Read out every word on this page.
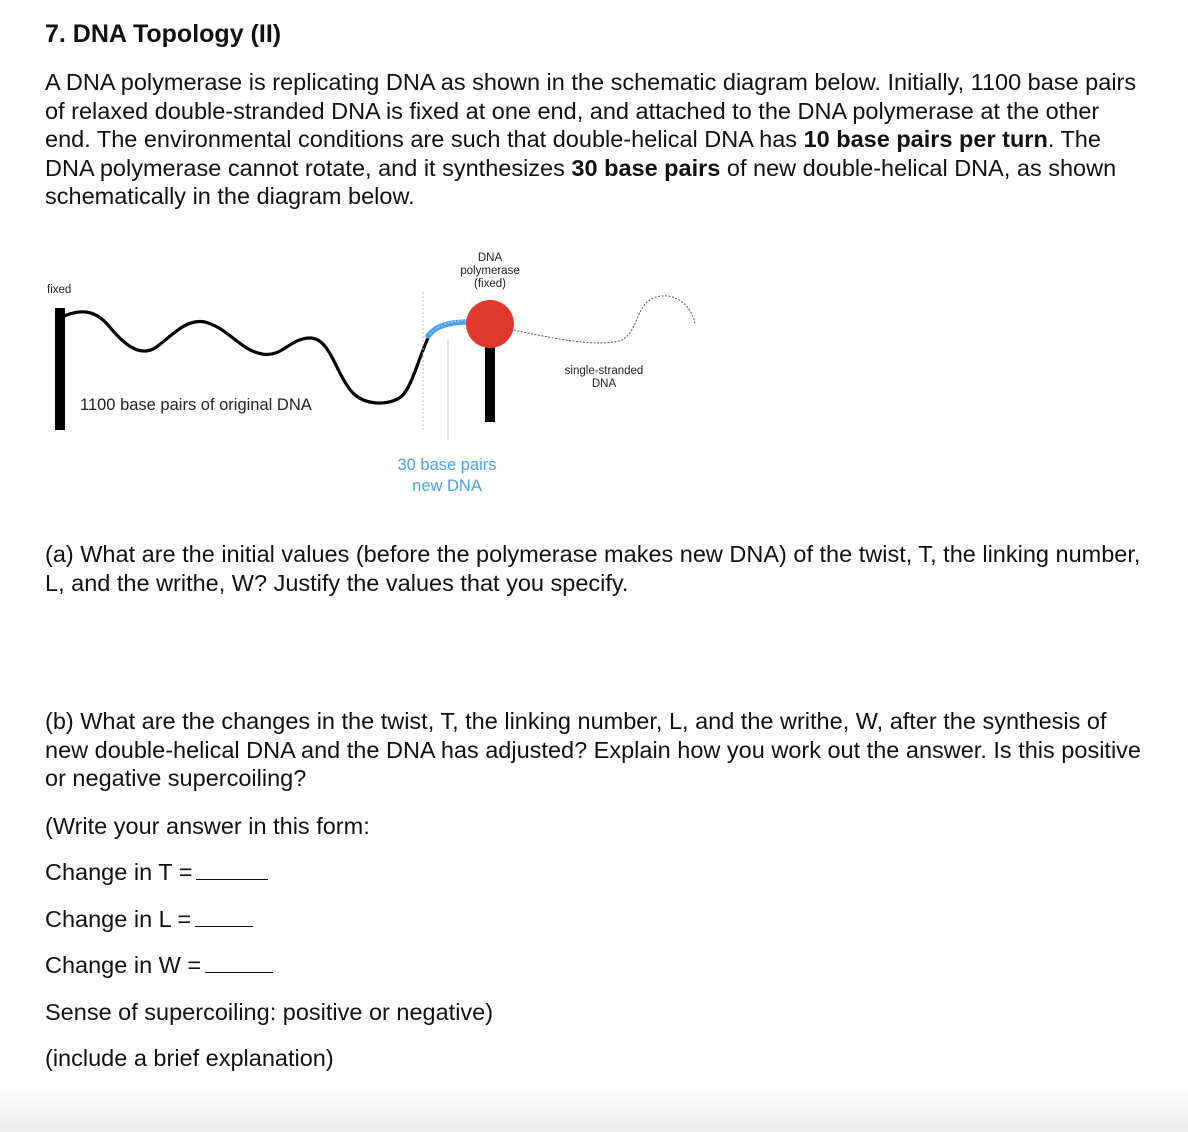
7. DNA Topology (II)

A DNA polymerase is replicating DNA as shown in the schematic diagram below. Initially, 1100 base pairs of relaxed double-stranded DNA is fixed at one end, and attached to the DNA polymerase at the other end. The environmental conditions are such that double-helical DNA has 10 base pairs per turn. The DNA polymerase cannot rotate, and it synthesizes 30 base pairs of new double-helical DNA, as shown schematically in the diagram below.

fixed
DNA
polymerase
(fixed)
single-stranded
DNA
1100 base pairs of original DNA
30 base pairs
new DNA

(a) What are the initial values (before the polymerase makes new DNA) of the twist, T, the linking number, L, and the writhe, W? Justify the values that you specify.

(b) What are the changes in the twist, T, the linking number, L, and the writhe, W, after the synthesis of new double-helical DNA and the DNA has adjusted? Explain how you work out the answer. Is this positive or negative supercoiling?

(Write your answer in this form:

Change in T =

Change in L =

Change in W =

Sense of supercoiling: positive or negative)

(include a brief explanation)
